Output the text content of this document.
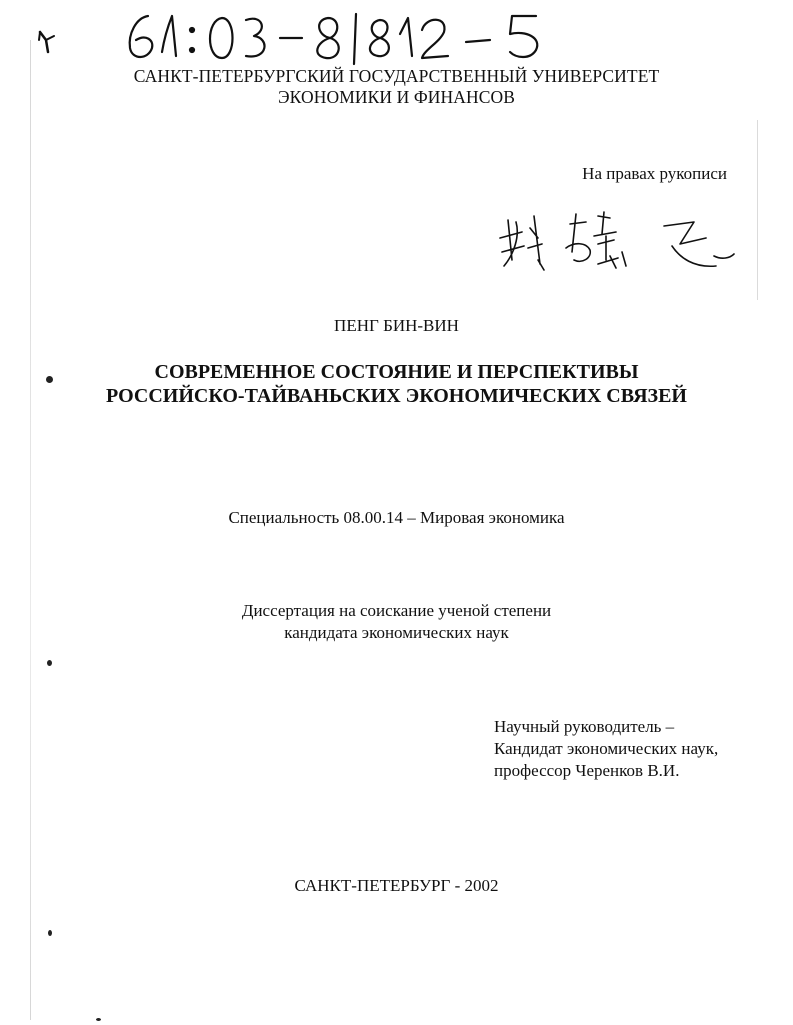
САНКТ-ПЕТЕРБУРГСКИЙ ГОСУДАРСТВЕННЫЙ УНИВЕРСИТЕТ
ЭКОНОМИКИ И ФИНАНСОВ
На правах рукописи
ПЕНГ БИН-ВИН
СОВРЕМЕННОЕ СОСТОЯНИЕ И ПЕРСПЕКТИВЫ
РОССИЙСКО-ТАЙВАНЬСКИХ ЭКОНОМИЧЕСКИХ СВЯЗЕЙ
Специальность 08.00.14 – Мировая экономика
Диссертация на соискание ученой степени
кандидата экономических наук
Научный руководитель –
Кандидат экономических наук,
профессор Черенков В.И.
САНКТ-ПЕТЕРБУРГ - 2002
